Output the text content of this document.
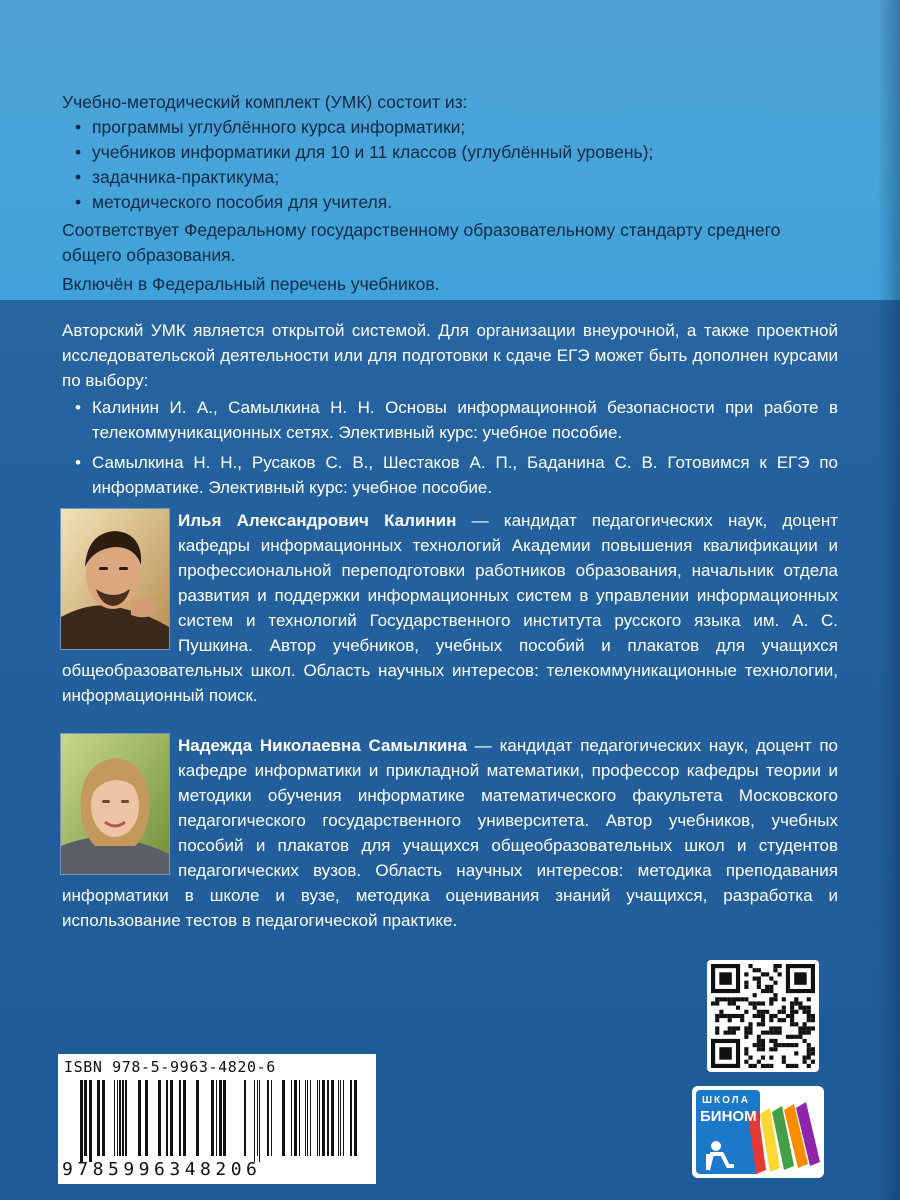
Учебно-методический комплект (УМК) состоит из:

• программы углублённого курса информатики;
• учебников информатики для 10 и 11 классов (углублённый уровень);
• задачника-практикума;
• методического пособия для учителя.

Соответствует Федеральному государственному образовательному стандарту среднего общего образования.

Включён в Федеральный перечень учебников.

Авторский УМК является открытой системой. Для организации внеурочной, а также проектной исследовательской деятельности или для подготовки к сдаче ЕГЭ может быть дополнен курсами по выбору:

• Калинин И. А., Самылкина Н. Н. Основы информационной безопасности при работе в телекоммуникационных сетях. Элективный курс: учебное пособие.
• Самылкина Н. Н., Русаков С. В., Шестаков А. П., Баданина С. В. Готовимся к ЕГЭ по информатике. Элективный курс: учебное пособие.
Илья Александрович Калинин — кандидат педагогических наук, доцент кафедры информационных технологий Академии повышения квалификации и профессиональной переподготовки работников образования, начальник отдела развития и поддержки информационных систем в управлении информационных систем и технологий Государственного института русского языка им. А. С. Пушкина. Автор учебников, учебных пособий и плакатов для учащихся общеобразовательных школ. Область научных интересов: телекоммуникационные технологии, информационный поиск.
Надежда Николаевна Самылкина — кандидат педагогических наук, доцент по кафедре информатики и прикладной математики, профессор кафедры теории и методики обучения информатике математического факультета Московского педагогического государственного университета. Автор учебников, учебных пособий и плакатов для учащихся общеобразовательных школ и студентов педагогических вузов. Область научных интересов: методика преподавания информатики в школе и вузе, методика оценивания знаний учащихся, разработка и использование тестов в педагогической практике.
ISBN 978-5-9963-4820-6
9785996348206
ШКОЛА
БИНОМ
